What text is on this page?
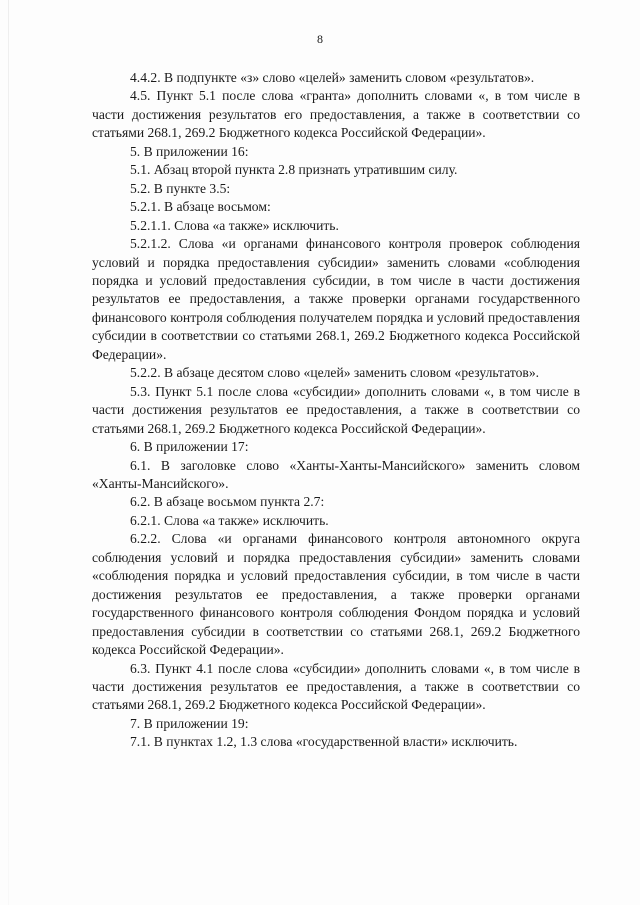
8

4.4.2. В подпункте «з» слово «целей» заменить словом «результатов».

4.5. Пункт 5.1 после слова «гранта» дополнить словами «, в том числе в части достижения результатов его предоставления, а также в соответствии со статьями 268.1, 269.2 Бюджетного кодекса Российской Федерации».

5. В приложении 16:

5.1. Абзац второй пункта 2.8 признать утратившим силу.

5.2. В пункте 3.5:

5.2.1. В абзаце восьмом:

5.2.1.1. Слова «а также» исключить.

5.2.1.2. Слова «и органами финансового контроля проверок соблюдения условий и порядка предоставления субсидии» заменить словами «соблюдения порядка и условий предоставления субсидии, в том числе в части достижения результатов ее предоставления, а также проверки органами государственного финансового контроля соблюдения получателем порядка и условий предоставления субсидии в соответствии со статьями 268.1, 269.2 Бюджетного кодекса Российской Федерации».

5.2.2. В абзаце десятом слово «целей» заменить словом «результатов».

5.3. Пункт 5.1 после слова «субсидии» дополнить словами «, в том числе в части достижения результатов ее предоставления, а также в соответствии со статьями 268.1, 269.2 Бюджетного кодекса Российской Федерации».

6. В приложении 17:

6.1. В заголовке слово «Ханты-Ханты-Мансийского» заменить словом «Ханты-Мансийского».

6.2. В абзаце восьмом пункта 2.7:

6.2.1. Слова «а также» исключить.

6.2.2. Слова «и органами финансового контроля автономного округа соблюдения условий и порядка предоставления субсидии» заменить словами «соблюдения порядка и условий предоставления субсидии, в том числе в части достижения результатов ее предоставления, а также проверки органами государственного финансового контроля соблюдения Фондом порядка и условий предоставления субсидии в соответствии со статьями 268.1, 269.2 Бюджетного кодекса Российской Федерации».

6.3. Пункт 4.1 после слова «субсидии» дополнить словами «, в том числе в части достижения результатов ее предоставления, а также в соответствии со статьями 268.1, 269.2 Бюджетного кодекса Российской Федерации».

7. В приложении 19:

7.1. В пунктах 1.2, 1.3 слова «государственной власти» исключить.
